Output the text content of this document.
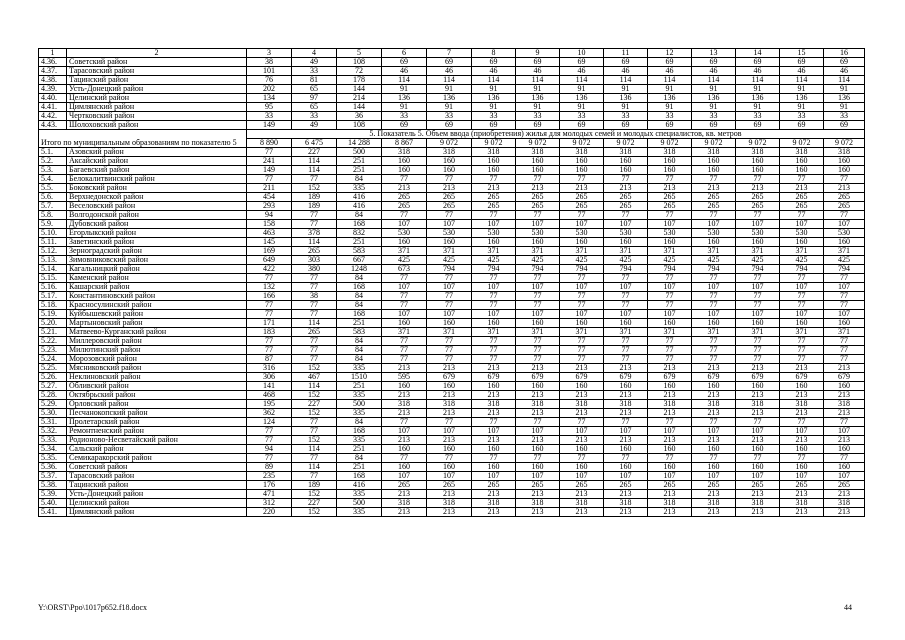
1	2	3	4	5	6	7	8	9	10	11	12	13	14	15	16
4.36.	Советский район	38	49	108	69	69	69	69	69	69	69	69	69	69	69
4.37.	Тарасовский район	101	33	72	46	46	46	46	46	46	46	46	46	46	46
4.38.	Тацинский район	76	81	178	114	114	114	114	114	114	114	114	114	114	114
4.39.	Усть-Донецкий район	202	65	144	91	91	91	91	91	91	91	91	91	91	91
4.40.	Целинский район	134	97	214	136	136	136	136	136	136	136	136	136	136	136
4.41.	Цимлянский район	95	65	144	91	91	91	91	91	91	91	91	91	91	91
4.42.	Чертковский район	33	33	36	33	33	33	33	33	33	33	33	33	33	33
4.43.	Шолоховский район	149	49	108	69	69	69	69	69	69	69	69	69	69	69
		5. Показатель 5. Объем ввода (приобретения) жилья для молодых семей и молодых специалистов, кв. метров													
Итого по муниципальным образованиям по показателю 5		8 890	6 475	14 288	8 867	9 072	9 072	9 072	9 072	9 072	9 072	9 072	9 072	9 072	9 072
5.1.	Азовский район	77	227	500	318	318	318	318	318	318	318	318	318	318	318
5.2.	Аксайский район	241	114	251	160	160	160	160	160	160	160	160	160	160	160
5.3.	Багаевский район	149	114	251	160	160	160	160	160	160	160	160	160	160	160
5.4.	Белокалитвинский район	77	77	84	77	77	77	77	77	77	77	77	77	77	77
5.5.	Боковский район	211	152	335	213	213	213	213	213	213	213	213	213	213	213
5.6.	Верхнедонской район	454	189	416	265	265	265	265	265	265	265	265	265	265	265
5.7.	Веселовский район	293	189	416	265	265	265	265	265	265	265	265	265	265	265
5.8.	Волгодонской район	94	77	84	77	77	77	77	77	77	77	77	77	77	77
5.9.	Дубовский район	158	77	168	107	107	107	107	107	107	107	107	107	107	107
5.10.	Егорлыкский район	463	378	832	530	530	530	530	530	530	530	530	530	530	530
5.11.	Заветинский район	145	114	251	160	160	160	160	160	160	160	160	160	160	160
5.12.	Зерноградский район	169	265	583	371	371	371	371	371	371	371	371	371	371	371
5.13.	Зимовниковский район	649	303	667	425	425	425	425	425	425	425	425	425	425	425
5.14.	Кагальницкий район	422	380	1248	673	794	794	794	794	794	794	794	794	794	794
5.15.	Каменский район	77	77	84	77	77	77	77	77	77	77	77	77	77	77
5.16.	Кашарский район	132	77	168	107	107	107	107	107	107	107	107	107	107	107
5.17.	Константиновский район	166	38	84	77	77	77	77	77	77	77	77	77	77	77
5.18.	Красносулинский район	77	77	84	77	77	77	77	77	77	77	77	77	77	77
5.19.	Куйбышевский район	77	77	168	107	107	107	107	107	107	107	107	107	107	107
5.20.	Мартыновский район	171	114	251	160	160	160	160	160	160	160	160	160	160	160
5.21.	Матвеево-Курганский район	183	265	583	371	371	371	371	371	371	371	371	371	371	371
5.22.	Миллеровский район	77	77	84	77	77	77	77	77	77	77	77	77	77	77
5.23.	Милютинский район	77	77	84	77	77	77	77	77	77	77	77	77	77	77
5.24.	Морозовский район	87	77	84	77	77	77	77	77	77	77	77	77	77	77
5.25.	Мясниковский район	316	152	335	213	213	213	213	213	213	213	213	213	213	213
5.26.	Неклиновский район	306	467	1510	595	679	679	679	679	679	679	679	679	679	679
5.27.	Обливский район	141	114	251	160	160	160	160	160	160	160	160	160	160	160
5.28.	Октябрьский район	468	152	335	213	213	213	213	213	213	213	213	213	213	213
5.29.	Орловский район	195	227	500	318	318	318	318	318	318	318	318	318	318	318
5.30.	Песчанокопский район	362	152	335	213	213	213	213	213	213	213	213	213	213	213
5.31.	Пролетарский район	124	77	84	77	77	77	77	77	77	77	77	77	77	77
5.32.	Ремонтненский район	77	77	168	107	107	107	107	107	107	107	107	107	107	107
5.33.	Родионово-Несветайский район	77	152	335	213	213	213	213	213	213	213	213	213	213	213
5.34.	Сальский район	94	114	251	160	160	160	160	160	160	160	160	160	160	160
5.35.	Семикаракорский район	77	77	84	77	77	77	77	77	77	77	77	77	77	77
5.36.	Советский район	89	114	251	160	160	160	160	160	160	160	160	160	160	160
5.37.	Тарасовский район	235	77	168	107	107	107	107	107	107	107	107	107	107	107
5.38.	Тацинский район	176	189	416	265	265	265	265	265	265	265	265	265	265	265
5.39.	Усть-Донецкий район	471	152	335	213	213	213	213	213	213	213	213	213	213	213
5.40.	Целинский район	312	227	500	318	318	318	318	318	318	318	318	318	318	318
5.41.	Цимлянский район	220	152	335	213	213	213	213	213	213	213	213	213	213	213
Y:\ORST\Ppo\1017p652.f18.docx	44
